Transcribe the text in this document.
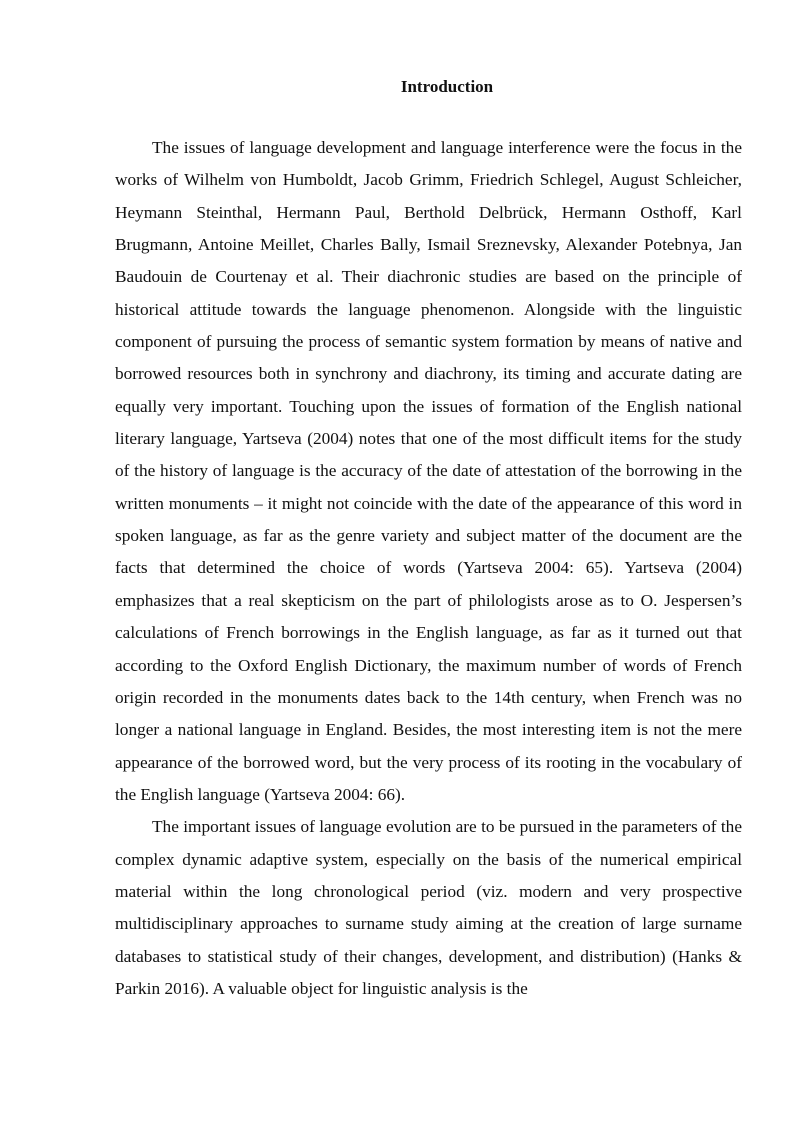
Introduction

The issues of language development and language interference were the focus in the works of Wilhelm von Humboldt, Jacob Grimm, Friedrich Schlegel, August Schleicher, Heymann Steinthal, Hermann Paul, Berthold Delbrück, Hermann Osthoff, Karl Brugmann, Antoine Meillet, Charles Bally, Ismail Sreznevsky, Alexander Potebnya, Jan Baudouin de Courtenay et al. Their diachronic studies are based on the principle of historical attitude towards the language phenomenon. Alongside with the linguistic component of pursuing the process of semantic system formation by means of native and borrowed resources both in synchrony and diachrony, its timing and accurate dating are equally very important. Touching upon the issues of formation of the English national literary language, Yartseva (2004) notes that one of the most difficult items for the study of the history of language is the accuracy of the date of attestation of the borrowing in the written monuments – it might not coincide with the date of the appearance of this word in spoken language, as far as the genre variety and subject matter of the document are the facts that determined the choice of words (Yartseva 2004: 65). Yartseva (2004) emphasizes that a real skepticism on the part of philologists arose as to O. Jespersen’s calculations of French borrowings in the English language, as far as it turned out that according to the Oxford English Dictionary, the maximum number of words of French origin recorded in the monuments dates back to the 14th century, when French was no longer a national language in England. Besides, the most interesting item is not the mere appearance of the borrowed word, but the very process of its rooting in the vocabulary of the English language (Yartseva 2004: 66).

The important issues of language evolution are to be pursued in the parameters of the complex dynamic adaptive system, especially on the basis of the numerical empirical material within the long chronological period (viz. modern and very prospective multidisciplinary approaches to surname study aiming at the creation of large surname databases to statistical study of their changes, development, and distribution) (Hanks & Parkin 2016). A valuable object for linguistic analysis is the
